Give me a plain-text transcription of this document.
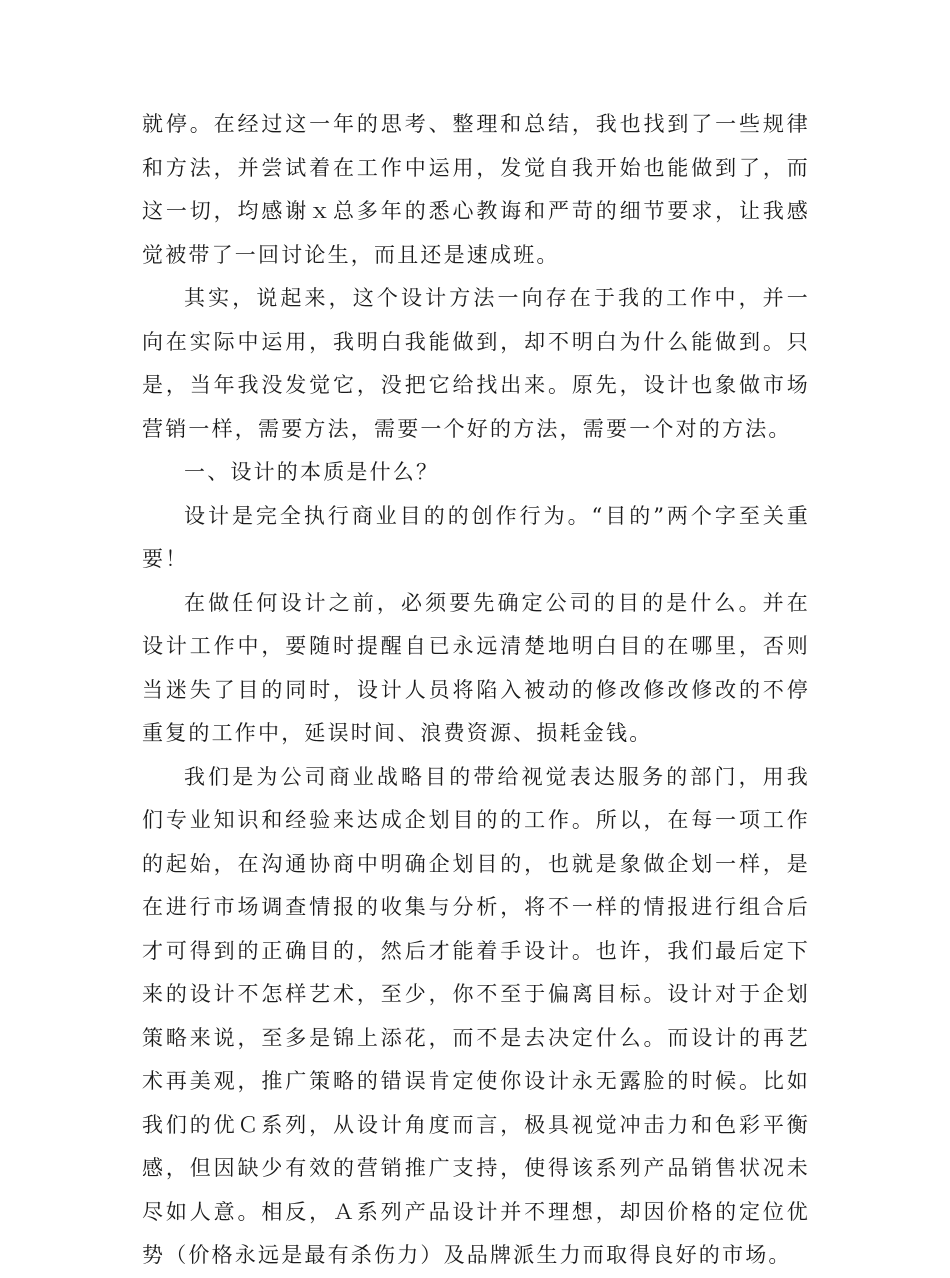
就停。在经过这一年的思考、整理和总结，我也找到了一些规律和方法，并尝试着在工作中运用，发觉自我开始也能做到了，而这一切，均感谢ｘ总多年的悉心教诲和严苛的细节要求，让我感觉被带了一回讨论生，而且还是速成班。

其实，说起来，这个设计方法一向存在于我的工作中，并一向在实际中运用，我明白我能做到，却不明白为什么能做到。只是，当年我没发觉它，没把它给找出来。原先，设计也象做市场营销一样，需要方法，需要一个好的方法，需要一个对的方法。

一、设计的本质是什么？

设计是完全执行商业目的的创作行为。“目的”两个字至关重要！

在做任何设计之前，必须要先确定公司的目的是什么。并在设计工作中，要随时提醒自已永远清楚地明白目的在哪里，否则当迷失了目的同时，设计人员将陷入被动的修改修改修改的不停重复的工作中，延误时间、浪费资源、损耗金钱。

我们是为公司商业战略目的带给视觉表达服务的部门，用我们专业知识和经验来达成企划目的的工作。所以，在每一项工作的起始，在沟通协商中明确企划目的，也就是象做企划一样，是在进行市场调查情报的收集与分析，将不一样的情报进行组合后才可得到的正确目的，然后才能着手设计。也许，我们最后定下来的设计不怎样艺术，至少，你不至于偏离目标。设计对于企划策略来说，至多是锦上添花，而不是去决定什么。而设计的再艺术再美观，推广策略的错误肯定使你设计永无露脸的时候。比如我们的优Ｃ系列，从设计角度而言，极具视觉冲击力和色彩平衡感，但因缺少有效的营销推广支持，使得该系列产品销售状况未尽如人意。相反，Ａ系列产品设计并不理想，却因价格的定位优势（价格永远是最有杀伤力）及品牌派生力而取得良好的市场。
